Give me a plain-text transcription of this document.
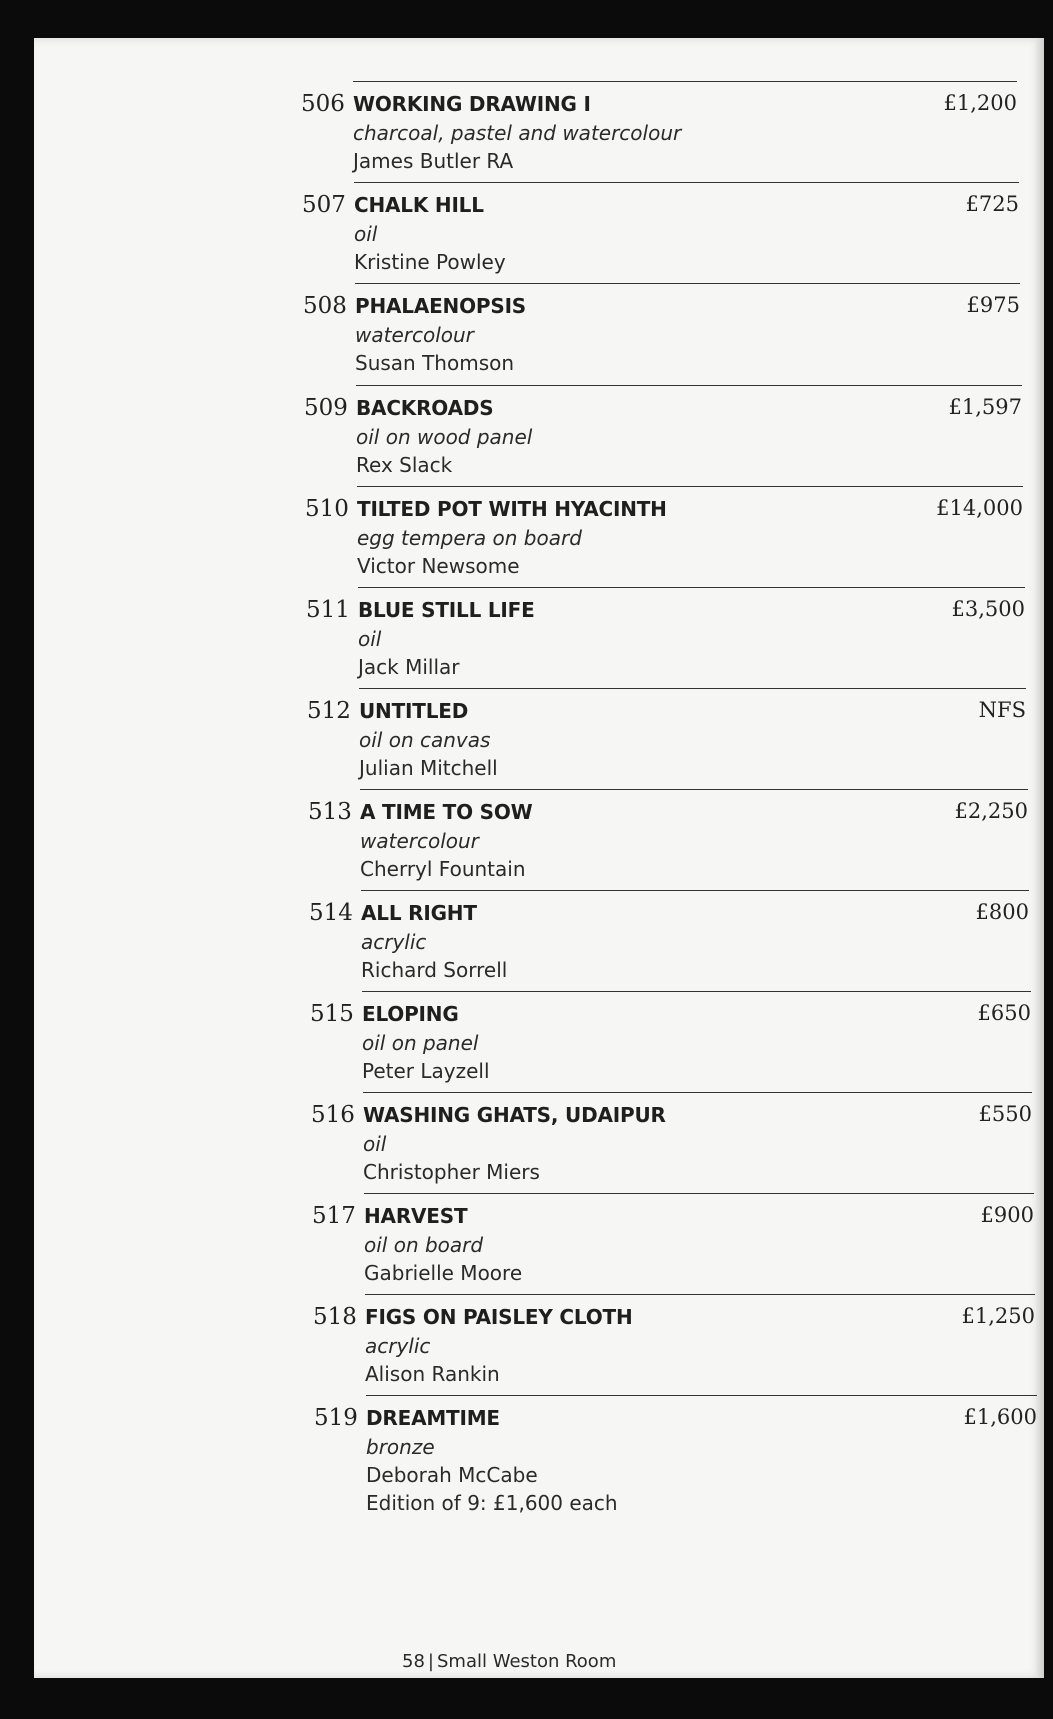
506 WORKING DRAWING I
charcoal, pastel and watercolour
James Butler RA
£1,200
507 CHALK HILL
oil
Kristine Powley
£725
508 PHALAENOPSIS
watercolour
Susan Thomson
£975
509 BACKROADS
oil on wood panel
Rex Slack
£1,597
510 TILTED POT WITH HYACINTH
egg tempera on board
Victor Newsome
£14,000
511 BLUE STILL LIFE
oil
Jack Millar
£3,500
512 UNTITLED
oil on canvas
Julian Mitchell
NFS
513 A TIME TO SOW
watercolour
Cherryl Fountain
£2,250
514 ALL RIGHT
acrylic
Richard Sorrell
£800
515 ELOPING
oil on panel
Peter Layzell
£650
516 WASHING GHATS, UDAIPUR
oil
Christopher Miers
£550
517 HARVEST
oil on board
Gabrielle Moore
£900
518 FIGS ON PAISLEY CLOTH
acrylic
Alison Rankin
£1,250
519 DREAMTIME
bronze
Deborah McCabe
Edition of 9: £1,600 each
£1,600
58 | Small Weston Room
